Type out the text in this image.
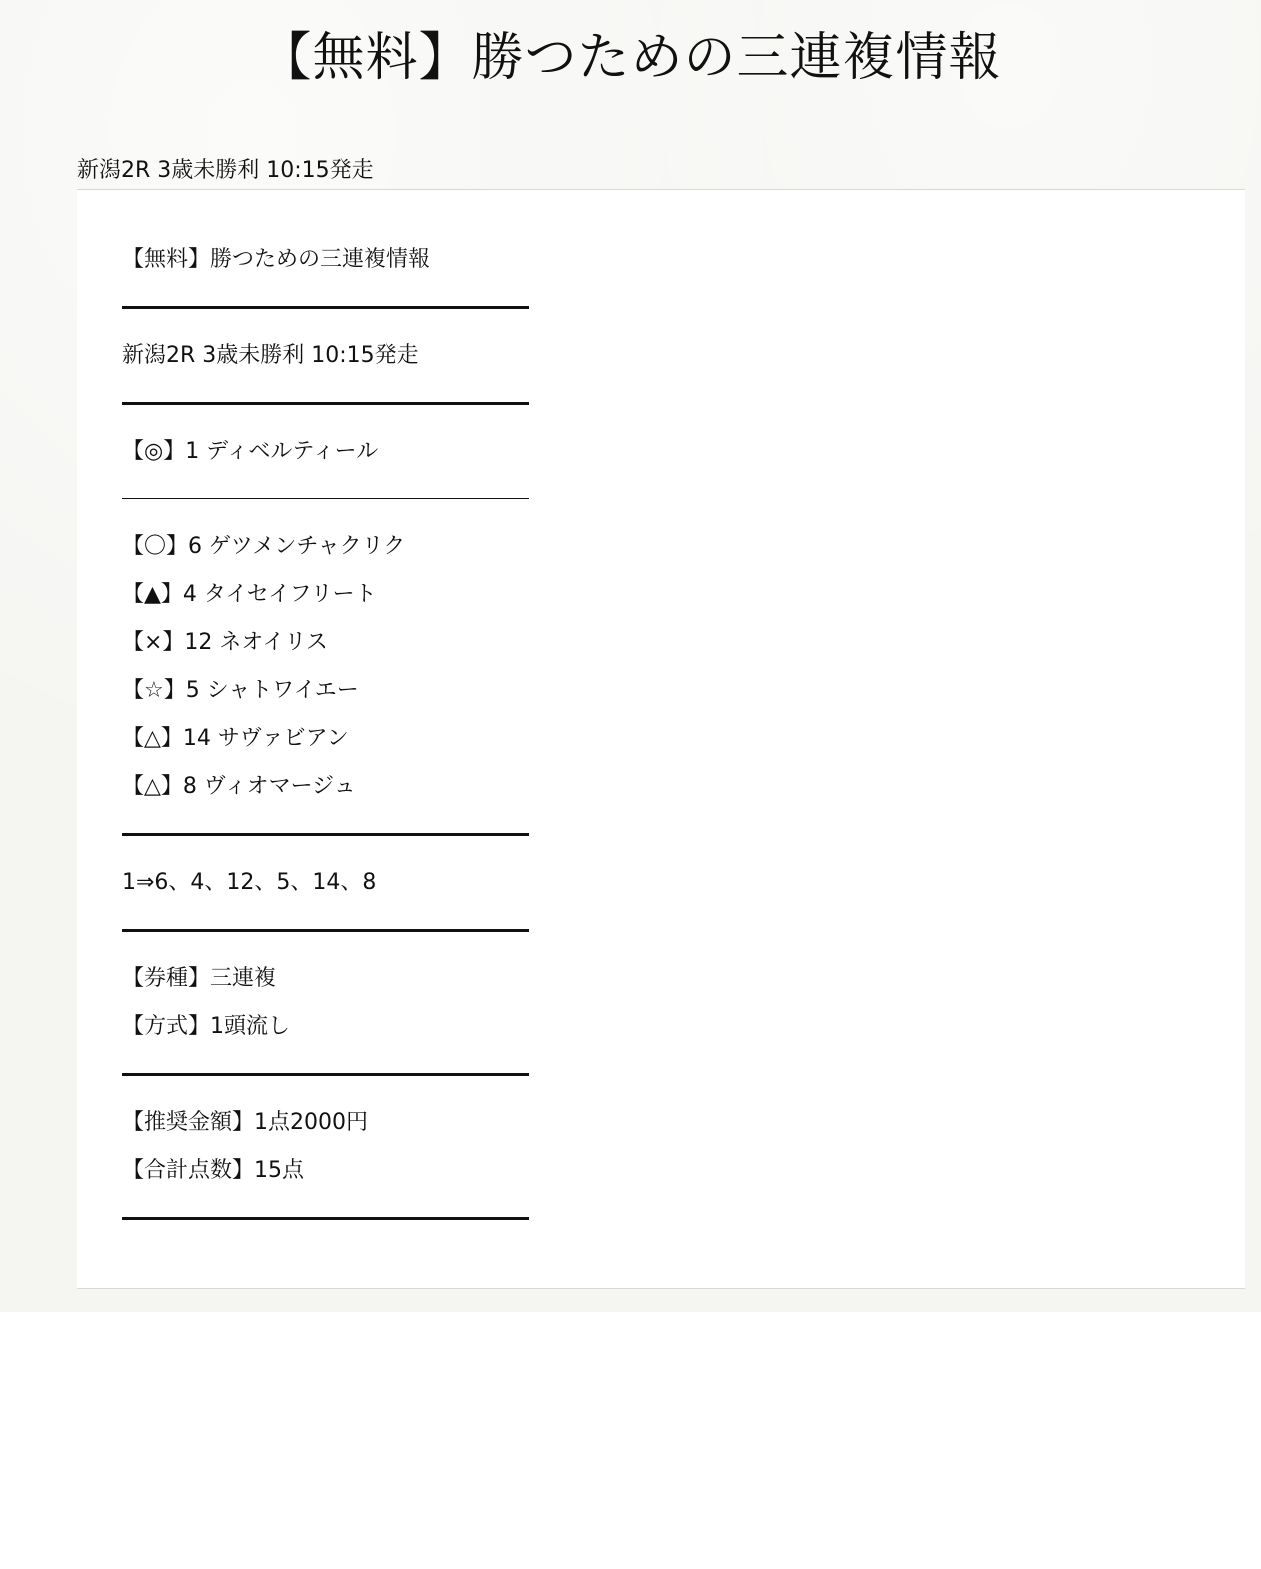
【無料】勝つための三連複情報
新潟2R 3歳未勝利 10:15発走
【無料】勝つための三連複情報
新潟2R 3歳未勝利 10:15発走
【◎】1 ディベルティール
【〇】6 ゲツメンチャクリク
【▲】4 タイセイフリート
【×】12 ネオイリス
【☆】5 シャトワイエー
【△】14 サヴァビアン
【△】8 ヴィオマージュ
1⇒6、4、12、5、14、8
【券種】三連複
【方式】1頭流し
【推奨金額】1点2000円
【合計点数】15点
